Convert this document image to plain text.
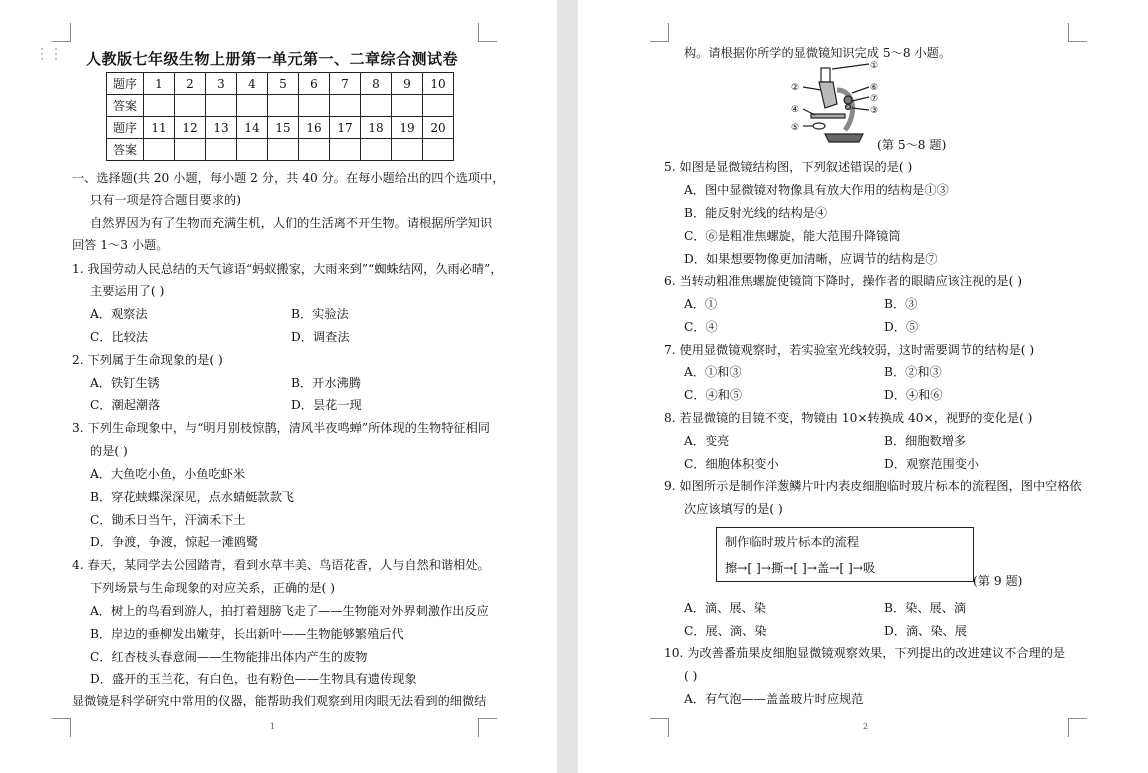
⋮⋮ 人教版七年级生物上册第一单元第一、二章综合测试卷
题序	1	2	3	4	5	6	7	8	9	10
答案										
题序	11	12	13	14	15	16	17	18	19	20
答案										
一、选择题(共 20 小题，每小题 2 分，共 40 分。在每小题给出的四个选项中，
只有一项是符合题目要求的)
自然界因为有了生物而充满生机，人们的生活离不开生物。请根据所学知识
回答 1～3 小题。
1. 我国劳动人民总结的天气谚语“蚂蚁搬家，大雨来到”“蜘蛛结网，久雨必晴”，
主要运用了( )
A．观察法	B．实验法
C．比较法	D．调查法
2. 下列属于生命现象的是( )
A．铁钉生锈	B．开水沸腾
C．潮起潮落	D．昙花一现
3. 下列生命现象中，与“明月别枝惊鹊，清风半夜鸣蝉”所体现的生物特征相同
的是( )
A．大鱼吃小鱼，小鱼吃虾米
B．穿花蛱蝶深深见，点水蜻蜓款款飞
C．锄禾日当午，汗滴禾下土
D．争渡，争渡，惊起一滩鸥鹭
4. 春天，某同学去公园踏青，看到水草丰美、鸟语花香，人与自然和谐相处。
下列场景与生命现象的对应关系，正确的是( )
A．树上的鸟看到游人，拍打着翅膀飞走了——生物能对外界刺激作出反应
B．岸边的垂柳发出嫩芽，长出新叶——生物能够繁殖后代
C．红杏枝头春意闹——生物能排出体内产生的废物
D．盛开的玉兰花，有白色，也有粉色——生物具有遗传现象
显微镜是科学研究中常用的仪器，能帮助我们观察到用肉眼无法看到的细微结
1
构。请根据你所学的显微镜知识完成 5～8 小题。
①
②
③
④
⑤
⑥
⑦
(第 5～8 题)
5. 如图是显微镜结构图，下列叙述错误的是( )
A．图中显微镜对物像具有放大作用的结构是①③
B．能反射光线的结构是④
C．⑥是粗准焦螺旋，能大范围升降镜筒
D．如果想要物像更加清晰，应调节的结构是⑦
6. 当转动粗准焦螺旋使镜筒下降时，操作者的眼睛应该注视的是( )
A．①	B．③
C．④	D．⑤
7. 使用显微镜观察时，若实验室光线较弱，这时需要调节的结构是( )
A．①和③	B．②和③
C．④和⑤	D．④和⑥
8. 若显微镜的目镜不变，物镜由 10×转换成 40×，视野的变化是( )
A．变亮	B．细胞数增多
C．细胞体积变小	D．观察范围变小
9. 如图所示是制作洋葱鳞片叶内表皮细胞临时玻片标本的流程图，图中空格依
次应该填写的是( )
制作临时玻片标本的流程
擦→[ ]→撕→[ ]→盖→[ ]→吸
(第 9 题)
A．滴、展、染	B．染、展、滴
C．展、滴、染	D．滴、染、展
10. 为改善番茄果皮细胞显微镜观察效果，下列提出的改进建议不合理的是
( )
A．有气泡——盖盖玻片时应规范
2
